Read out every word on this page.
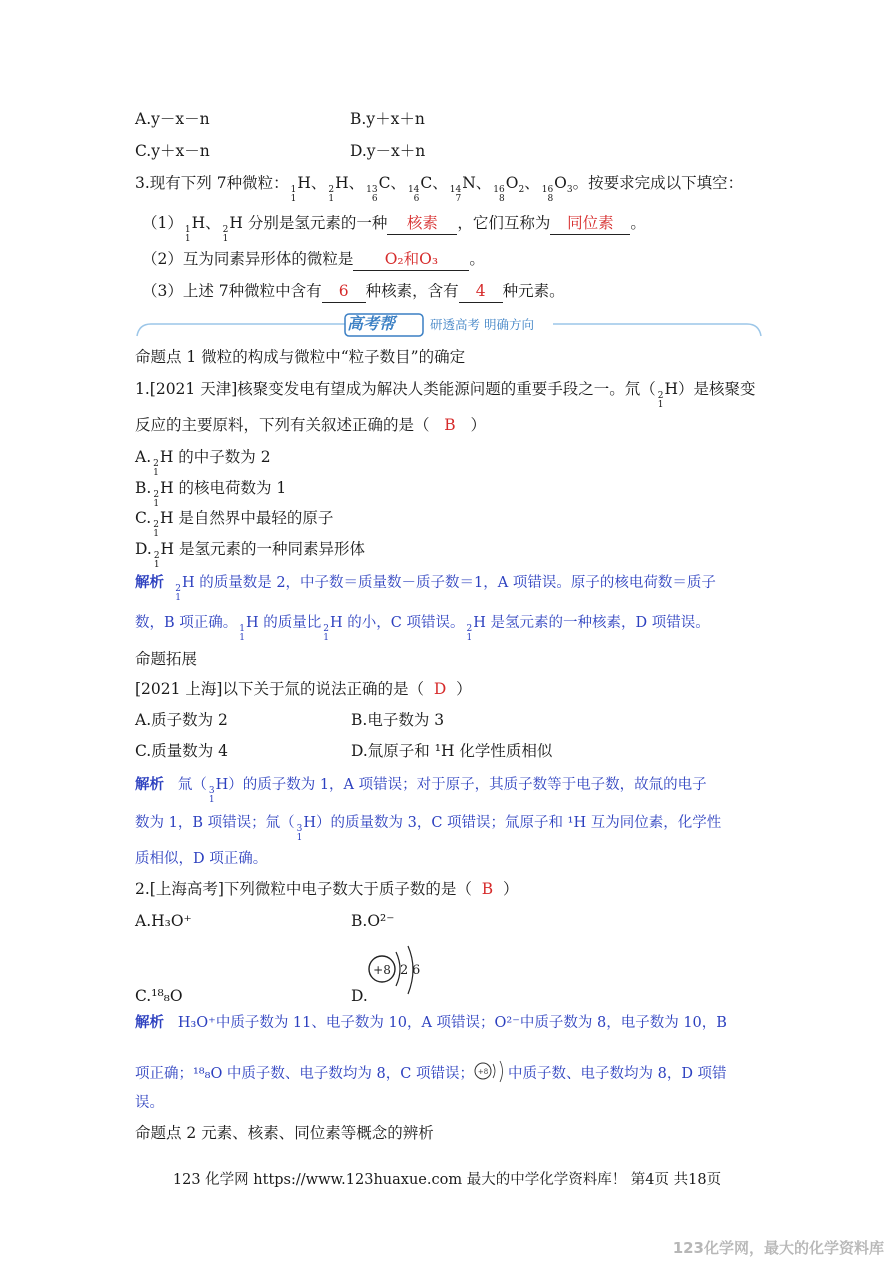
A.y－x－n	B.y＋x＋n
C.y＋x－n	D.y－x＋n
3.现有下列 7种微粒： 1
1
H、 2
1
H、 13
6
C、 14
6
C、 14
7
N、 16
8
$O_2$、 16
8
$O_3$。按要求完成以下填空：
（1） 1
1
H、 2
1
H 分别是氢元素的一种 核素 ，它们互称为 同位素 。
（2）互为同素异形体的微粒是 O₂和O₃ 。
（3）上述 7种微粒中含有 6 种核素，含有 4 种元素。
高考帮	研透高考 明确方向
命题点 1 微粒的构成与微粒中“粒子数目”的确定
1.[2021 天津]核聚变发电有望成为解决人类能源问题的重要手段之一。氘（ 2
1
H）是核聚变
反应的主要原料，下列有关叙述正确的是（ B ）
A. 2
1
H 的中子数为 2
B. 2
1
H 的核电荷数为 1
C. 2
1
H 是自然界中最轻的原子
D. 2
1
H 是氢元素的一种同素异形体
解析 2
1
H 的质量数是 2，中子数＝质量数－质子数＝1，A 项错误。原子的核电荷数＝质子
数，B 项正确。 1
1
H 的质量比 2
1
H 的小，C 项错误。 2
1
H 是氢元素的一种核素，D 项错误。
命题拓展
[2021 上海]以下关于氚的说法正确的是（ D ）
A.质子数为 2	B.电子数为 3
C.质量数为 4	D.氚原子和 ¹H 化学性质相似
解析 氚（ 3
1
H）的质子数为 1，A 项错误；对于原子，其质子数等于电子数，故氚的电子
数为 1，B 项错误；氚（ 3
1
H）的质量数为 3，C 项错误；氚原子和 ¹H 互为同位素，化学性
质相似，D 项正确。
2.[上海高考]下列微粒中电子数大于质子数的是（ B ）
A.H₃O⁺	B.O²⁻
C.¹⁸₈O	D.
+8 2 6
解析 H₃O⁺中质子数为 11、电子数为 10，A 项错误；O²⁻中质子数为 8，电子数为 10，B
项正确；¹⁸₈O 中质子数、电子数均为 8，C 项错误； +8 中质子数、电子数均为 8，D 项错
误。
命题点 2 元素、核素、同位素等概念的辨析
123 化学网 https://www.123huaxue.com 最大的中学化学资料库！ 第4页 共18页
123化学网，最大的化学资料库
